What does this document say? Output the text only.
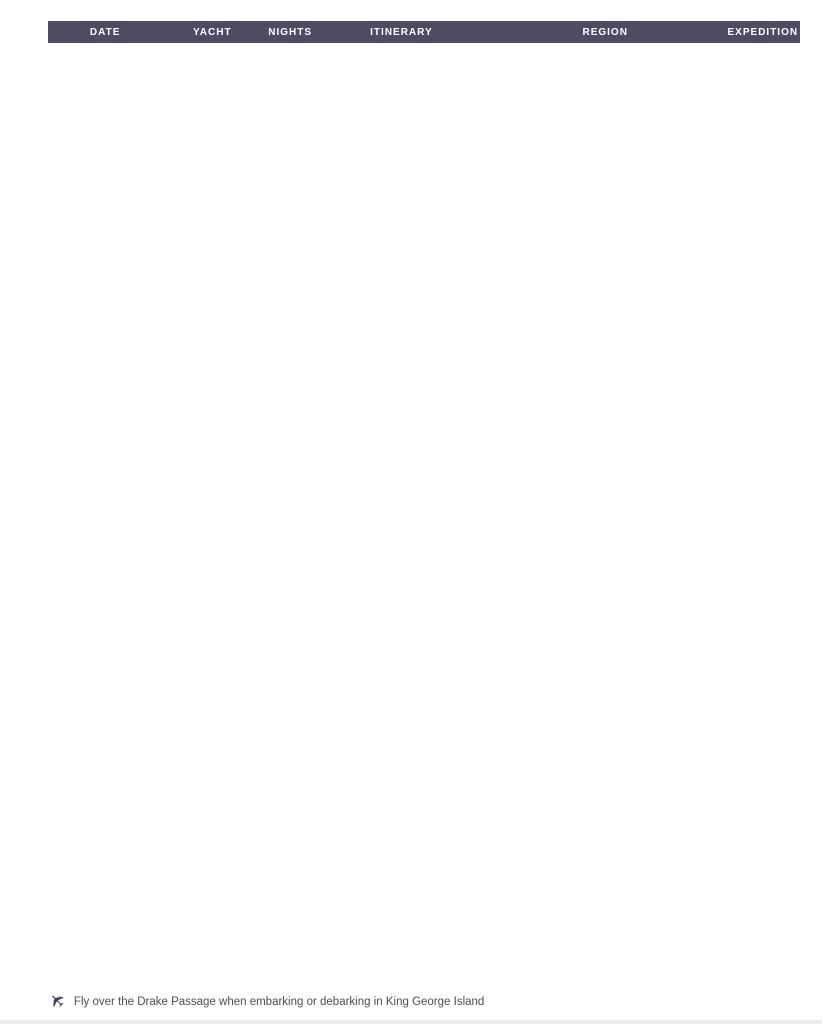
DATE	YACHT	NIGHTS	ITINERARY	REGION	EXPEDITION
✈ Fly over the Drake Passage when embarking or debarking in King George Island
